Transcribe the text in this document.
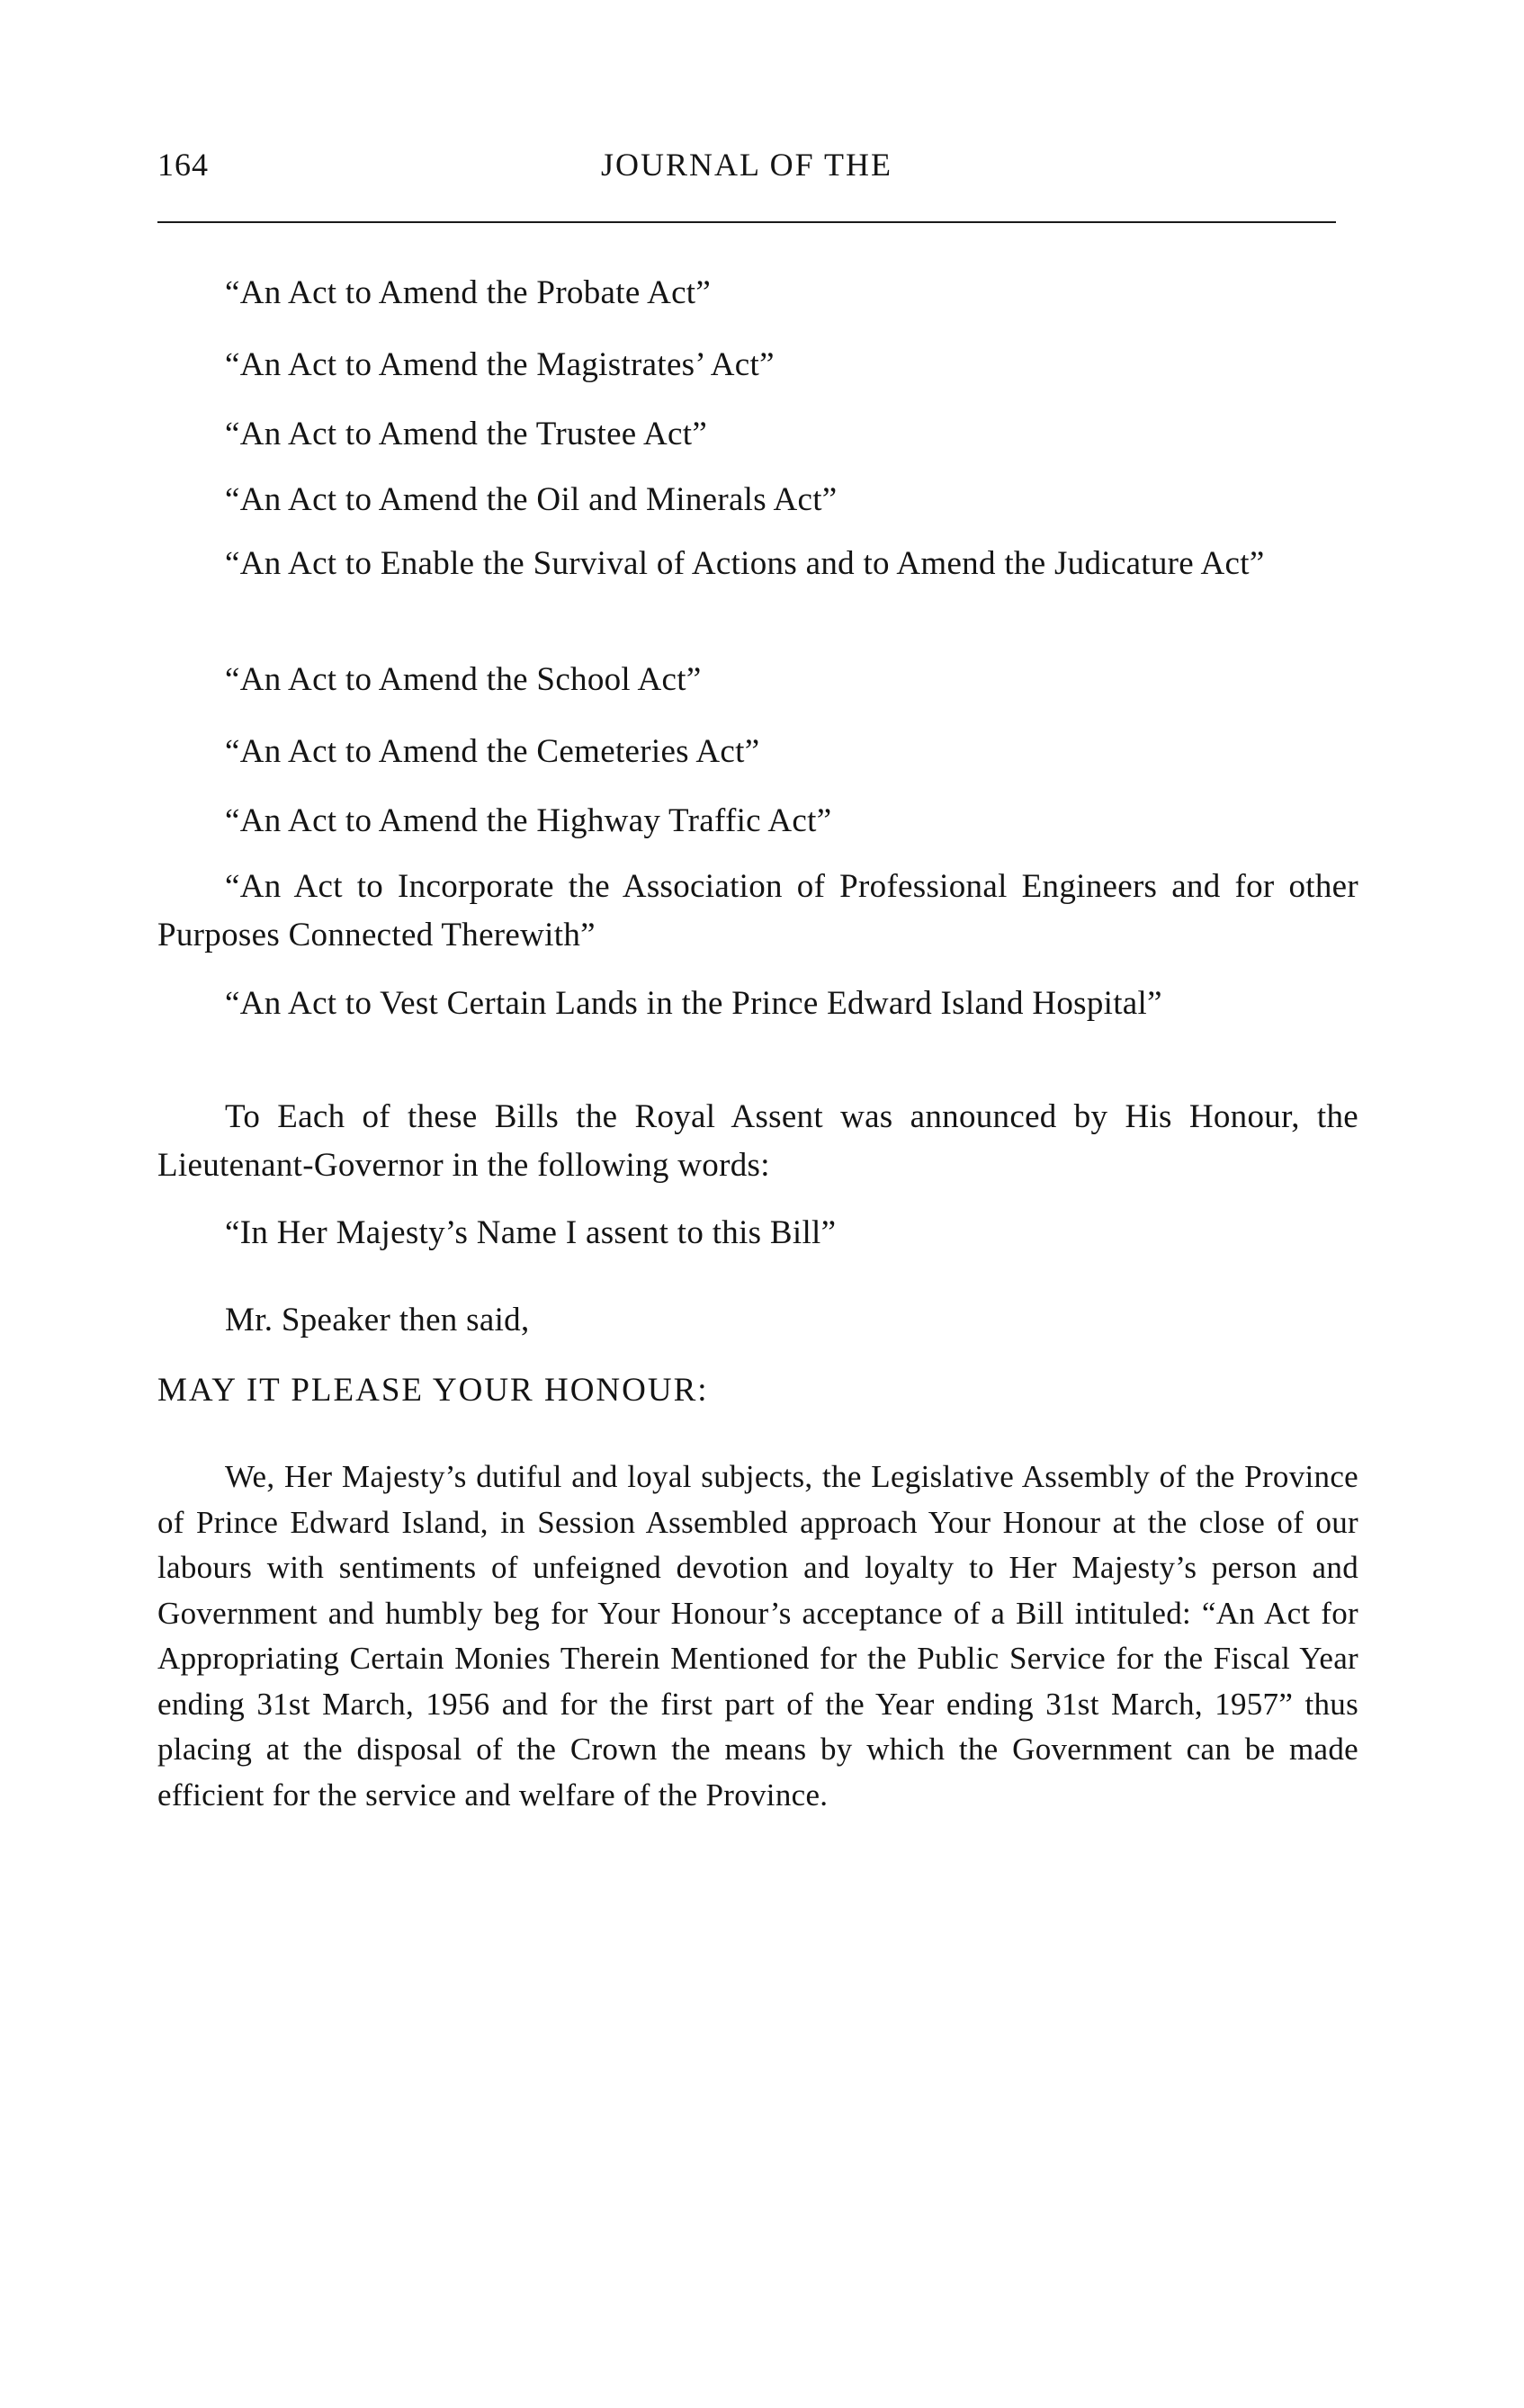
164	JOURNAL OF THE
“An Act to Amend the Probate Act”
“An Act to Amend the Magistrates’ Act”
“An Act to Amend the Trustee Act”
“An Act to Amend the Oil and Minerals Act”
“An Act to Enable the Survival of Actions and to Amend the Judicature Act”
“An Act to Amend the School Act”
“An Act to Amend the Cemeteries Act”
“An Act to Amend the Highway Traffic Act”
“An Act to Incorporate the Association of Professional Engineers and for other Purposes Connected Therewith”
“An Act to Vest Certain Lands in the Prince Edward Island Hospital”
To Each of these Bills the Royal Assent was announced by His Honour, the Lieutenant-Governor in the following words:
“In Her Majesty’s Name I assent to this Bill”
Mr. Speaker then said,
MAY IT PLEASE YOUR HONOUR:
We, Her Majesty’s dutiful and loyal subjects, the Legislative Assembly of the Province of Prince Edward Island, in Session Assembled approach Your Honour at the close of our labours with sentiments of unfeigned devotion and loyalty to Her Majesty’s person and Government and humbly beg for Your Honour’s acceptance of a Bill intituled: “An Act for Appropriating Certain Monies Therein Mentioned for the Public Service for the Fiscal Year ending 31st March, 1956 and for the first part of the Year ending 31st March, 1957” thus placing at the disposal of the Crown the means by which the Government can be made efficient for the service and welfare of the Province.
